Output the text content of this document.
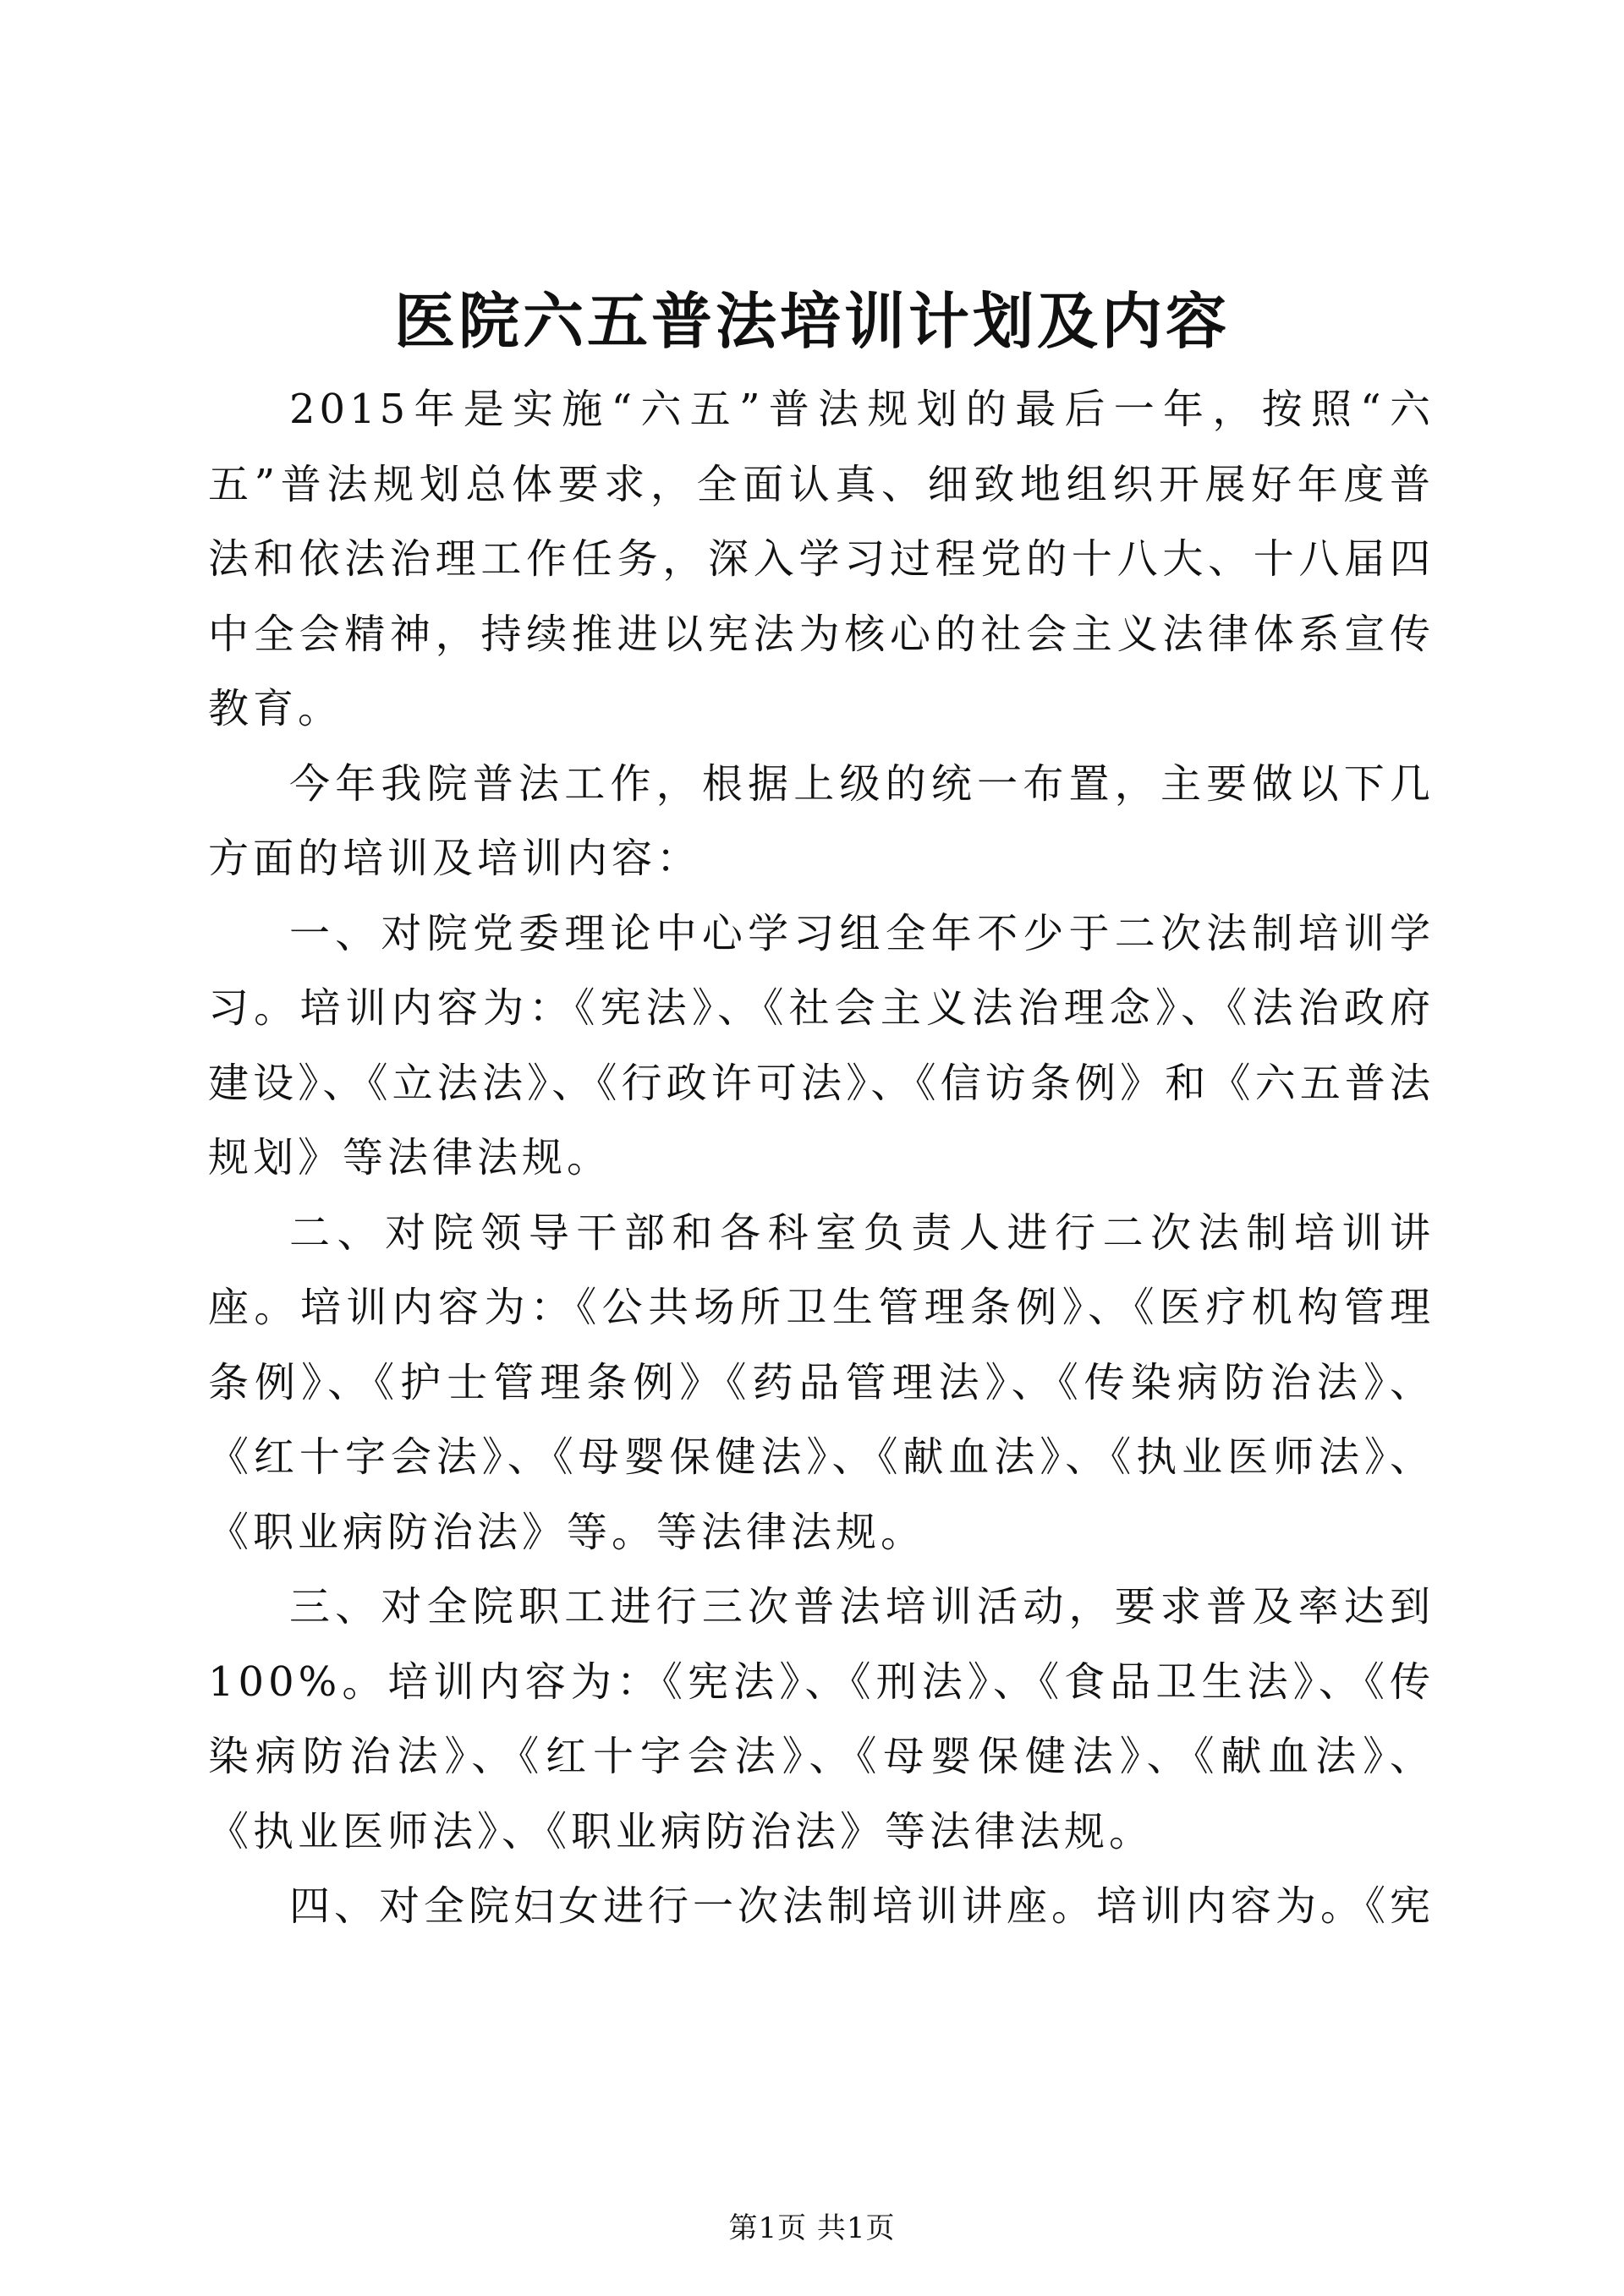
医院六五普法培训计划及内容

2015年是实施“六五”普法规划的最后一年，按照“六五”普法规划总体要求，全面认真、细致地组织开展好年度普法和依法治理工作任务，深入学习过程党的十八大、十八届四中全会精神，持续推进以宪法为核心的社会主义法律体系宣传教育。

今年我院普法工作，根据上级的统一布置，主要做以下几方面的培训及培训内容：

一、对院党委理论中心学习组全年不少于二次法制培训学习。培训内容为：《宪法》、《社会主义法治理念》、《法治政府建设》、《立法法》、《行政许可法》、《信访条例》和《六五普法规划》等法律法规。

二、对院领导干部和各科室负责人进行二次法制培训讲座。培训内容为：《公共场所卫生管理条例》、《医疗机构管理条例》、《护士管理条例》《药品管理法》、《传染病防治法》、《红十字会法》、《母婴保健法》、《献血法》、《执业医师法》、《职业病防治法》等。等法律法规。

三、对全院职工进行三次普法培训活动，要求普及率达到100%。培训内容为：《宪法》、《刑法》、《食品卫生法》、《传染病防治法》、《红十字会法》、《母婴保健法》、《献血法》、《执业医师法》、《职业病防治法》等法律法规。

四、对全院妇女进行一次法制培训讲座。培训内容为。《宪

第1页 共1页
